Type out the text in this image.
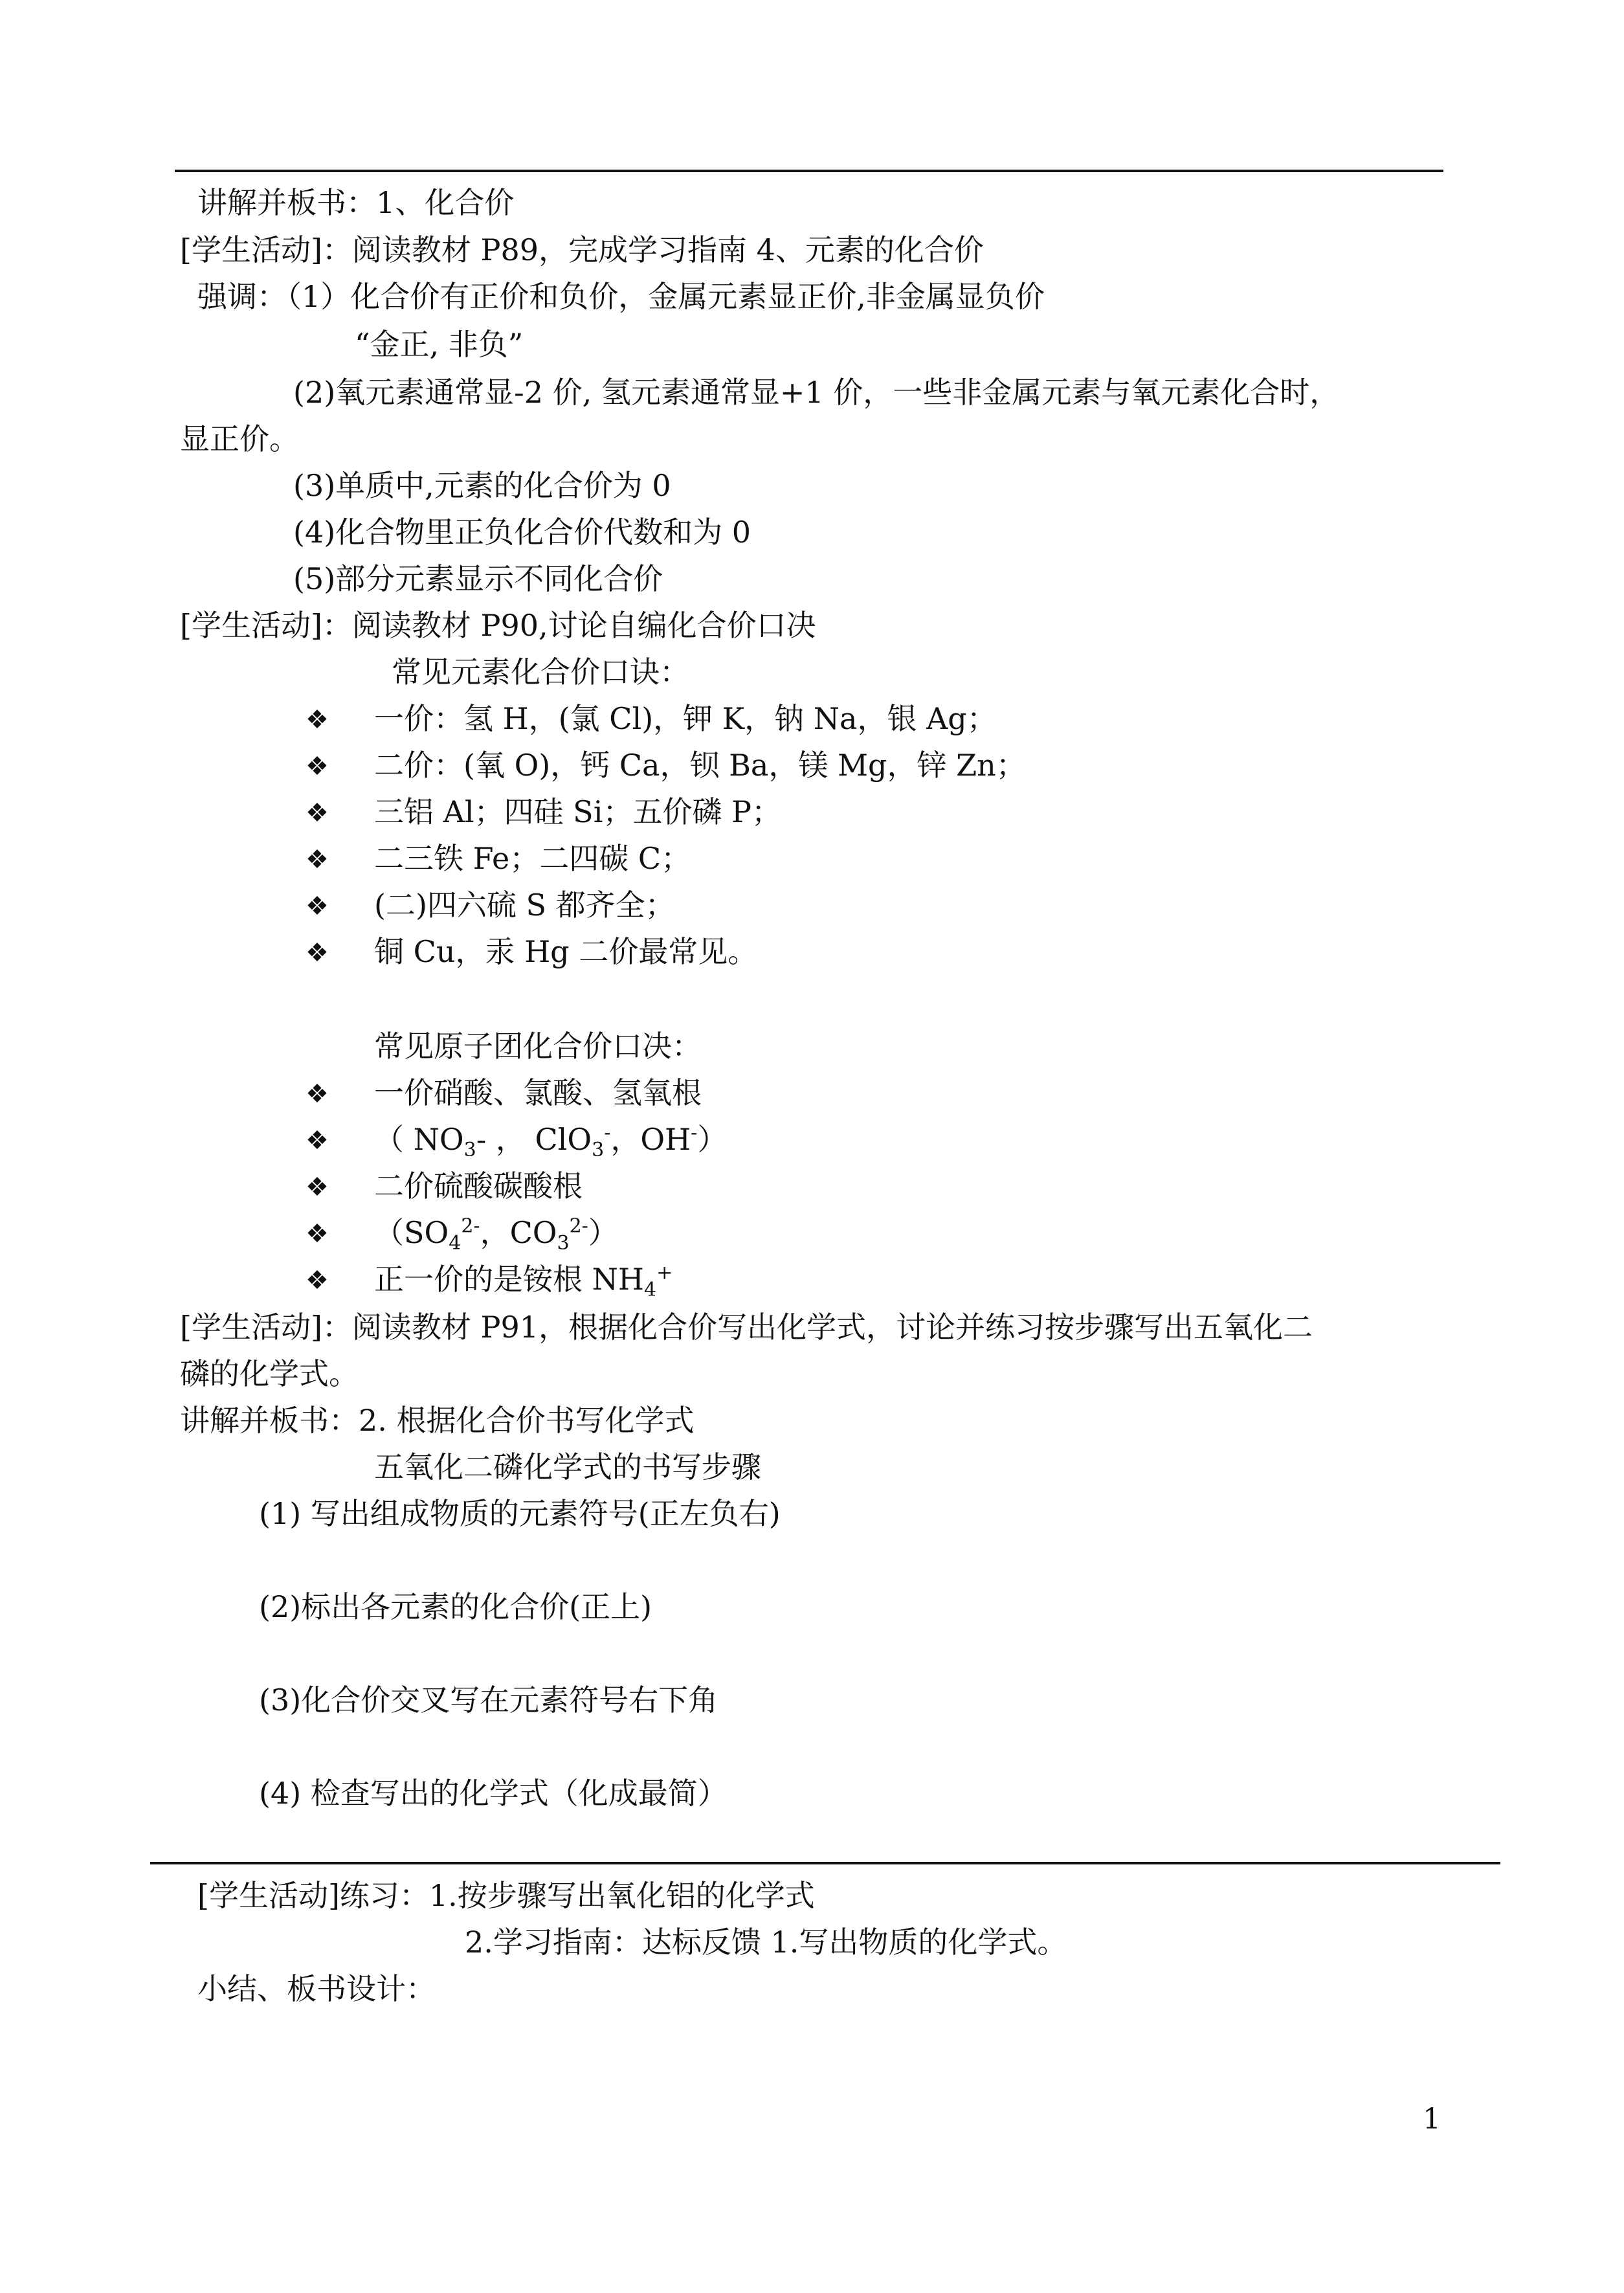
讲解并板书：1、化合价
[学生活动]：阅读教材 P89，完成学习指南 4、元素的化合价
强调：（1）化合价有正价和负价，金属元素显正价,非金属显负价
“金正, 非负”
(2)氧元素通常显-2 价, 氢元素通常显+1 价，一些非金属元素与氧元素化合时，
显正价。
(3)单质中,元素的化合价为 0
(4)化合物里正负化合价代数和为 0
(5)部分元素显示不同化合价
[学生活动]：阅读教材 P90,讨论自编化合价口决
常见元素化合价口诀：
❖ 一价：氢 H，(氯 Cl)，钾 K，钠 Na，银 Ag；
❖ 二价：(氧 O)，钙 Ca，钡 Ba，镁 Mg，锌 Zn；
❖ 三铝 Al；四硅 Si；五价磷 P；
❖ 二三铁 Fe；二四碳 C；
❖ (二)四六硫 S 都齐全；
❖ 铜 Cu，汞 Hg 二价最常见。
常见原子团化合价口决：
❖ 一价硝酸、氯酸、氢氧根
❖ （ $NO_3-$ ， ClO$_3$-，OH-）
❖ 二价硫酸碳酸根
❖ （$SO_4^{2-}$，$CO_3^{2-}$）
❖ 正一价的是铵根 $NH_4^+$
[学生活动]：阅读教材 P91，根据化合价写出化学式，讨论并练习按步骤写出五氧化二
磷的化学式。
讲解并板书：2. 根据化合价书写化学式
五氧化二磷化学式的书写步骤
(1) 写出组成物质的元素符号(正左负右)
(2)标出各元素的化合价(正上)
(3)化合价交叉写在元素符号右下角
(4) 检查写出的化学式（化成最简）
[学生活动]练习：1.按步骤写出氧化铝的化学式
2.学习指南：达标反馈 1.写出物质的化学式。
小结、板书设计：
1
